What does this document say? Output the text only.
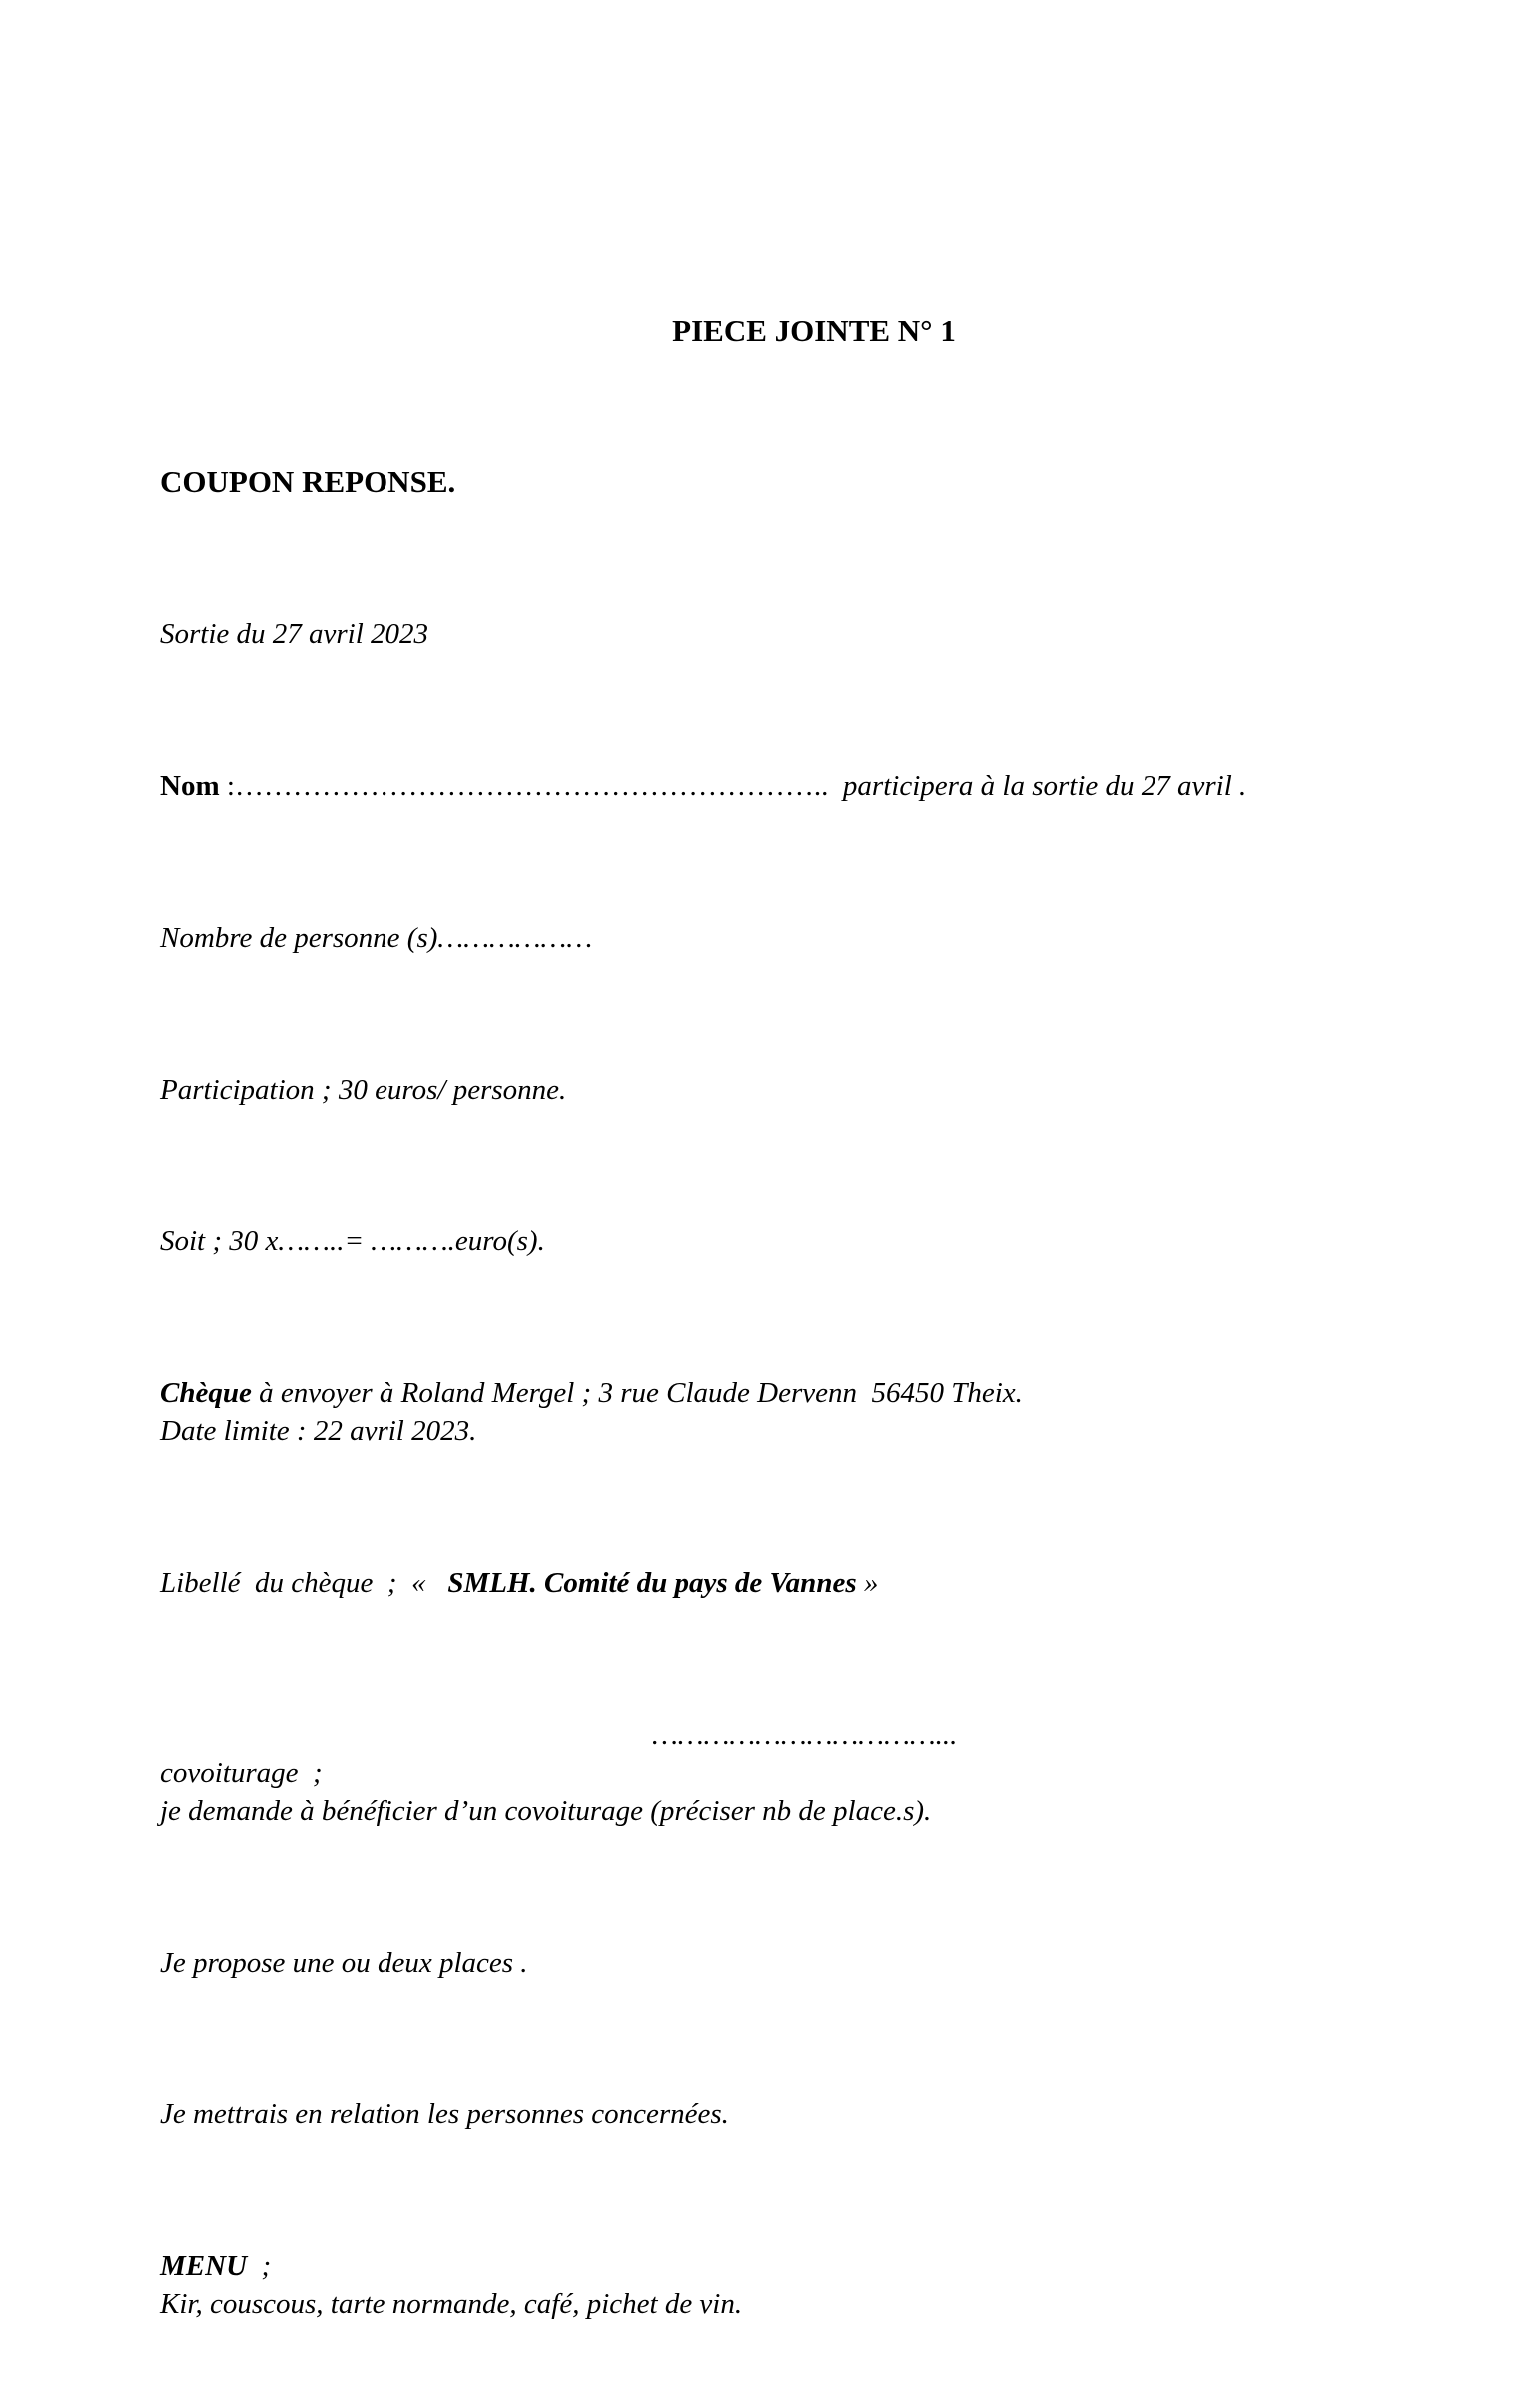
PIECE JOINTE N° 1

COUPON REPONSE.

Sortie du 27 avril 2023

Nom :……………………………………………………..  participera à la sortie du 27 avril .

Nombre de personne (s)………………

Participation ; 30 euros/ personne.

Soit ; 30 x……..= ……….euro(s).

Chèque à envoyer à Roland Mergel ; 3 rue Claude Dervenn  56450 Theix.
Date limite : 22 avril 2023.

Libellé  du chèque  ;  «   SMLH. Comité du pays de Vannes »

……………………………...
covoiturage  ;
je demande à bénéficier d’un covoiturage (préciser nb de place.s).

Je propose une ou deux places .

Je mettrais en relation les personnes concernées.

MENU  ;
Kir, couscous, tarte normande, café, pichet de vin.
